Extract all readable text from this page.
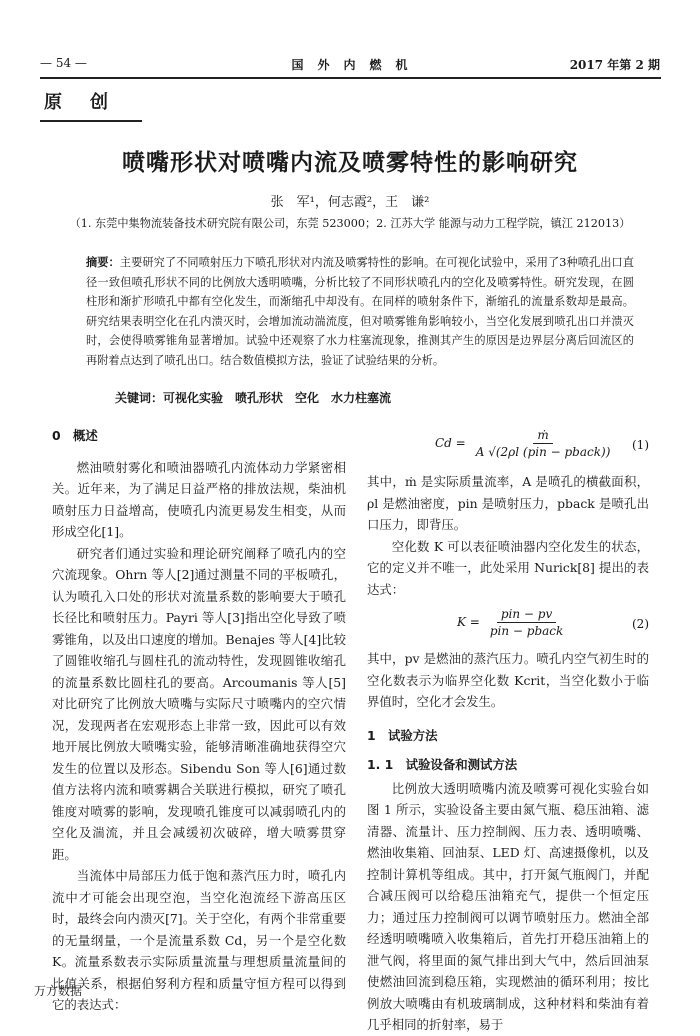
— 54 —	国　外　内　燃　机	2017 年第 2 期
原创
喷嘴形状对喷嘴内流及喷雾特性的影响研究
张　军¹，何志霞²，王　谦²
（1. 东莞中集物流装备技术研究院有限公司，东莞 523000；2. 江苏大学 能源与动力工程学院，镇江 212013）
摘要：主要研究了不同喷射压力下喷孔形状对内流及喷雾特性的影响。在可视化试验中，采用了3种喷孔出口直径一致但喷孔形状不同的比例放大透明喷嘴，分析比较了不同形状喷孔内的空化及喷雾特性。研究发现，在圆柱形和渐扩形喷孔中都有空化发生，而渐缩孔中却没有。在同样的喷射条件下，渐缩孔的流量系数却是最高。研究结果表明空化在孔内溃灭时，会增加流动湍流度，但对喷雾锥角影响较小，当空化发展到喷孔出口并溃灭时，会使得喷雾锥角显著增加。试验中还观察了水力柱塞流现象，推测其产生的原因是边界层分离后回流区的再附着点达到了喷孔出口。结合数值模拟方法，验证了试验结果的分析。
关键词：可视化实验　喷孔形状　空化　水力柱塞流
0　概述

燃油喷射雾化和喷油器喷孔内流体动力学紧密相关。近年来，为了满足日益严格的排放法规，柴油机喷射压力日益增高，使喷孔内流更易发生相变，从而形成空化[1]。

研究者们通过实验和理论研究阐释了喷孔内的空穴流现象。Ohrn 等人[2]通过测量不同的平板喷孔，认为喷孔入口处的形状对流量系数的影响要大于喷孔长径比和喷射压力。Payri 等人[3]指出空化导致了喷雾锥角，以及出口速度的增加。Benajes 等人[4]比较了圆锥收缩孔与圆柱孔的流动特性，发现圆锥收缩孔的流量系数比圆柱孔的要高。Arcoumanis 等人[5]对比研究了比例放大喷嘴与实际尺寸喷嘴内的空穴情况，发现两者在宏观形态上非常一致，因此可以有效地开展比例放大喷嘴实验，能够清晰准确地获得空穴发生的位置以及形态。Sibendu Son 等人[6]通过数值方法将内流和喷雾耦合关联进行模拟，研究了喷孔锥度对喷雾的影响，发现喷孔锥度可以减弱喷孔内的空化及湍流，并且会减缓初次破碎，增大喷雾贯穿距。

当流体中局部压力低于饱和蒸汽压力时，喷孔内流中才可能会出现空泡，当空化泡流经下游高压区时，最终会向内溃灭[7]。关于空化，有两个非常重要的无量纲量，一个是流量系数 Cd，另一个是空化数 K。流量系数表示实际质量流量与理想质量流量间的比值关系，根据伯努利方程和质量守恒方程可以得到它的表达式：

$Cd = \frac{\text{ṁ}}{\text{A √(2ρl (pin − pback))}} (1)$

其中，ṁ 是实际质量流率，A 是喷孔的横截面积，ρl 是燃油密度，pin 是喷射压力，pback 是喷孔出口压力，即背压。

空化数 K 可以表征喷油器内空化发生的状态，它的定义并不唯一，此处采用 Nurick[8] 提出的表达式：

$K = \frac{\text{pin − pv}}{\text{pin − pback}}$	(2)

其中，pv 是燃油的蒸汽压力。喷孔内空气初生时的空化数表示为临界空化数 Kcrit，当空化数小于临界值时，空化才会发生。

1　试验方法
1. 1　试验设备和测试方法

比例放大透明喷嘴内流及喷雾可视化实验台如图 1 所示，实验设备主要由氮气瓶、稳压油箱、滤清器、流量计、压力控制阀、压力表、透明喷嘴、燃油收集箱、回油泵、LED 灯、高速摄像机，以及控制计算机等组成。其中，打开氮气瓶阀门，并配合减压阀可以给稳压油箱充气，提供一个恒定压力；通过压力控制阀可以调节喷射压力。燃油全部经透明喷嘴喷入收集箱后，首先打开稳压油箱上的泄气阀，将里面的氮气排出到大气中，然后回油泵使燃油回流到稳压箱，实现燃油的循环利用；按比例放大喷嘴由有机玻璃制成，这种材料和柴油有着几乎相同的折射率，易于

万方数据
